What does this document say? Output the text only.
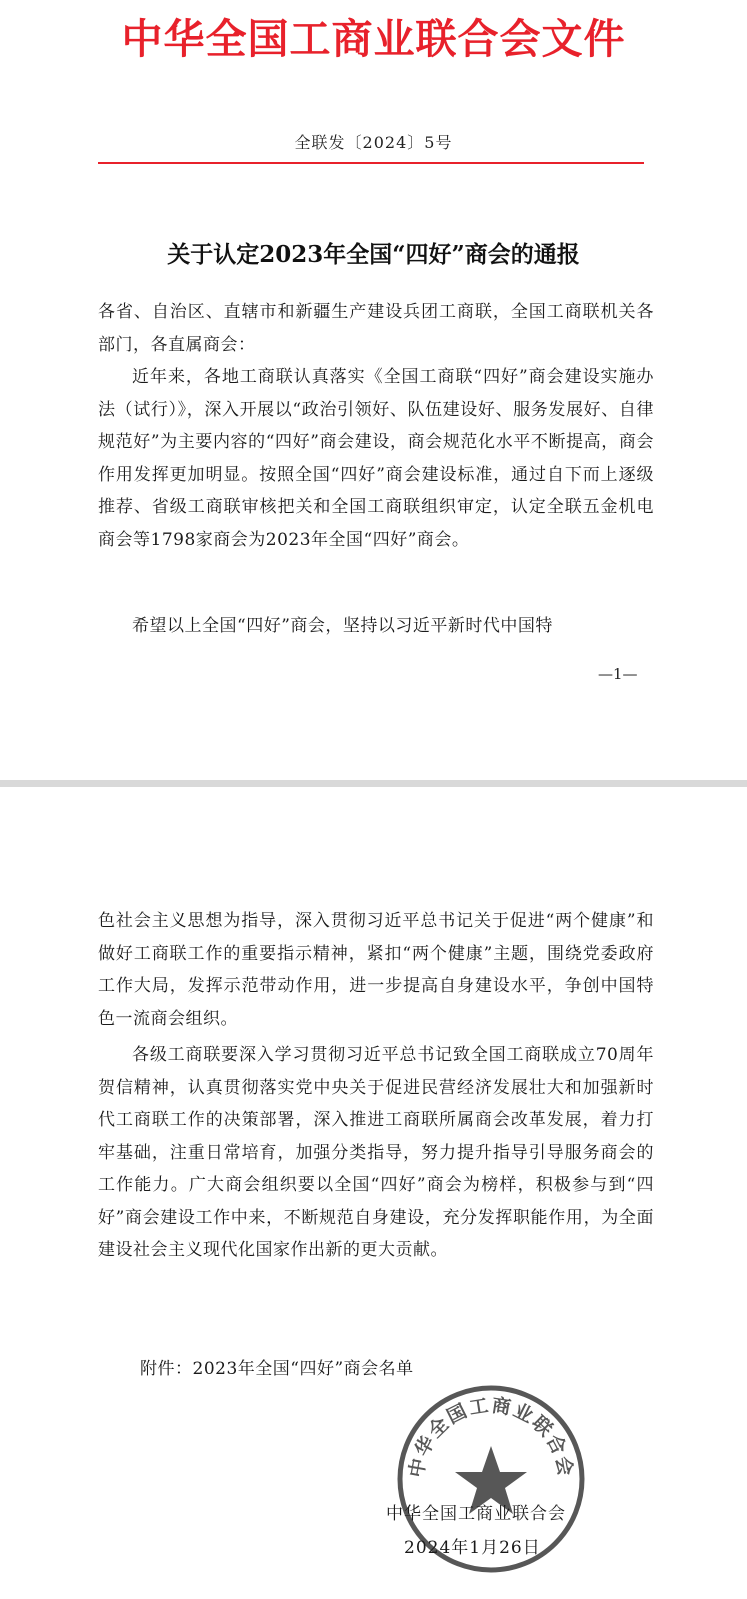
中华全国工商业联合会文件
全联发〔2024〕5号
关于认定2023年全国“四好”商会的通报

各省、自治区、直辖市和新疆生产建设兵团工商联，全国工商联机关各部门，各直属商会：

近年来，各地工商联认真落实《全国工商联“四好”商会建设实施办法（试行）》，深入开展以“政治引领好、队伍建设好、服务发展好、自律规范好”为主要内容的“四好”商会建设，商会规范化水平不断提高，商会作用发挥更加明显。按照全国“四好”商会建设标准，通过自下而上逐级推荐、省级工商联审核把关和全国工商联组织审定，认定全联五金机电商会等1798家商会为2023年全国“四好”商会。

希望以上全国“四好”商会，坚持以习近平新时代中国特

—1—

色社会主义思想为指导，深入贯彻习近平总书记关于促进“两个健康”和做好工商联工作的重要指示精神，紧扣“两个健康”主题，围绕党委政府工作大局，发挥示范带动作用，进一步提高自身建设水平，争创中国特色一流商会组织。

各级工商联要深入学习贯彻习近平总书记致全国工商联成立70周年贺信精神，认真贯彻落实党中央关于促进民营经济发展壮大和加强新时代工商联工作的决策部署，深入推进工商联所属商会改革发展，着力打牢基础，注重日常培育，加强分类指导，努力提升指导引导服务商会的工作能力。广大商会组织要以全国“四好”商会为榜样，积极参与到“四好”商会建设工作中来，不断规范自身建设，充分发挥职能作用，为全面建设社会主义现代化国家作出新的更大贡献。

附件：2023年全国“四好”商会名单
中华全国工商业联合会
中华全国工商业联合会
2024年1月26日
